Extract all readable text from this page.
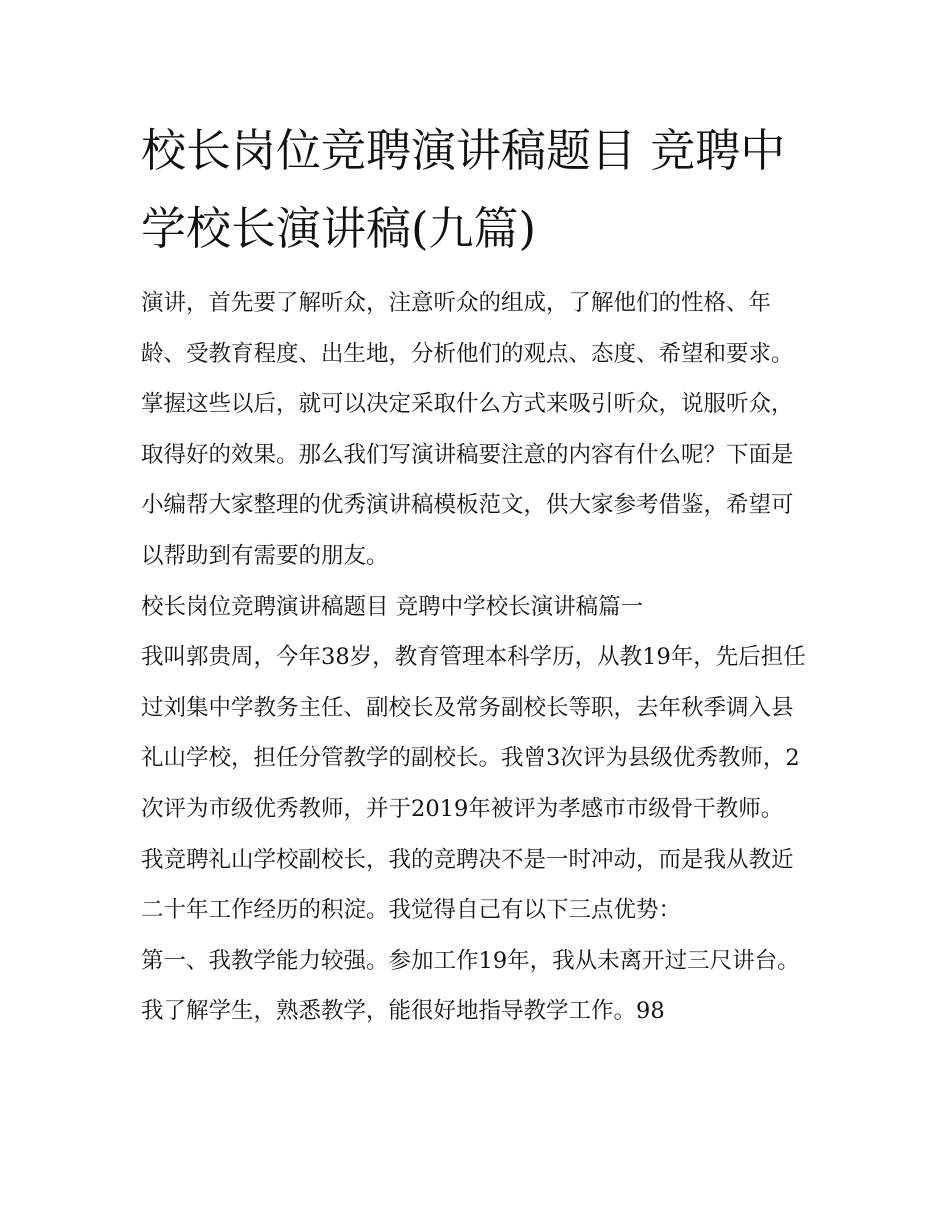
校长岗位竞聘演讲稿题目 竞聘中学校长演讲稿(九篇)

演讲，首先要了解听众，注意听众的组成，了解他们的性格、年龄、受教育程度、出生地，分析他们的观点、态度、希望和要求。掌握这些以后，就可以决定采取什么方式来吸引听众，说服听众，取得好的效果。那么我们写演讲稿要注意的内容有什么呢？下面是小编帮大家整理的优秀演讲稿模板范文，供大家参考借鉴，希望可以帮助到有需要的朋友。

校长岗位竞聘演讲稿题目 竞聘中学校长演讲稿篇一

我叫郭贵周，今年38岁，教育管理本科学历，从教19年，先后担任过刘集中学教务主任、副校长及常务副校长等职，去年秋季调入县礼山学校，担任分管教学的副校长。我曾3次评为县级优秀教师，2次评为市级优秀教师，并于2019年被评为孝感市市级骨干教师。

我竞聘礼山学校副校长，我的竞聘决不是一时冲动，而是我从教近二十年工作经历的积淀。我觉得自己有以下三点优势：

第一、我教学能力较强。参加工作19年，我从未离开过三尺讲台。我了解学生，熟悉教学，能很好地指导教学工作。98
